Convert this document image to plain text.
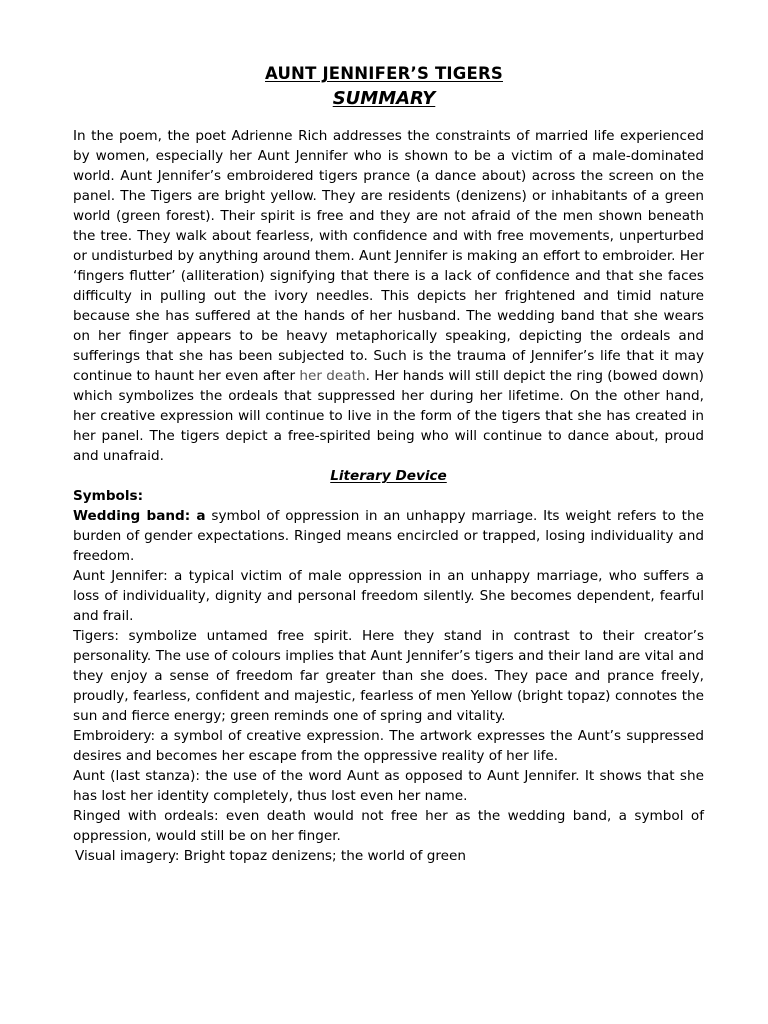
AUNT JENNIFER’S TIGERS
SUMMARY

In the poem, the poet Adrienne Rich addresses the constraints of married life experienced by women, especially her Aunt Jennifer who is shown to be a victim of a male-dominated world. Aunt Jennifer’s embroidered tigers prance (a dance about) across the screen on the panel. The Tigers are bright yellow. They are residents (denizens) or inhabitants of a green world (green forest). Their spirit is free and they are not afraid of the men shown beneath the tree. They walk about fearless, with confidence and with free movements, unperturbed or undisturbed by anything around them. Aunt Jennifer is making an effort to embroider. Her ‘fingers flutter’ (alliteration) signifying that there is a lack of confidence and that she faces difficulty in pulling out the ivory needles. This depicts her frightened and timid nature because she has suffered at the hands of her husband. The wedding band that she wears on her finger appears to be heavy metaphorically speaking, depicting the ordeals and sufferings that she has been subjected to. Such is the trauma of Jennifer’s life that it may continue to haunt her even after her death. Her hands will still depict the ring (bowed down) which symbolizes the ordeals that suppressed her during her lifetime. On the other hand, her creative expression will continue to live in the form of the tigers that she has created in her panel. The tigers depict a free-spirited being who will continue to dance about, proud and unafraid.

Literary Device
Symbols:

Wedding band: a symbol of oppression in an unhappy marriage. Its weight refers to the burden of gender expectations. Ringed means encircled or trapped, losing individuality and freedom.

Aunt Jennifer: a typical victim of male oppression in an unhappy marriage, who suffers a loss of individuality, dignity and personal freedom silently. She becomes dependent, fearful and frail.

Tigers: symbolize untamed free spirit. Here they stand in contrast to their creator’s personality. The use of colours implies that Aunt Jennifer’s tigers and their land are vital and they enjoy a sense of freedom far greater than she does. They pace and prance freely, proudly, fearless, confident and majestic, fearless of men Yellow (bright topaz) connotes the sun and fierce energy; green reminds one of spring and vitality.

Embroidery: a symbol of creative expression. The artwork expresses the Aunt’s suppressed desires and becomes her escape from the oppressive reality of her life.

Aunt (last stanza): the use of the word Aunt as opposed to Aunt Jennifer. It shows that she has lost her identity completely, thus lost even her name.

Ringed with ordeals: even death would not free her as the wedding band, a symbol of oppression, would still be on her finger.

Visual imagery: Bright topaz denizens; the world of green
